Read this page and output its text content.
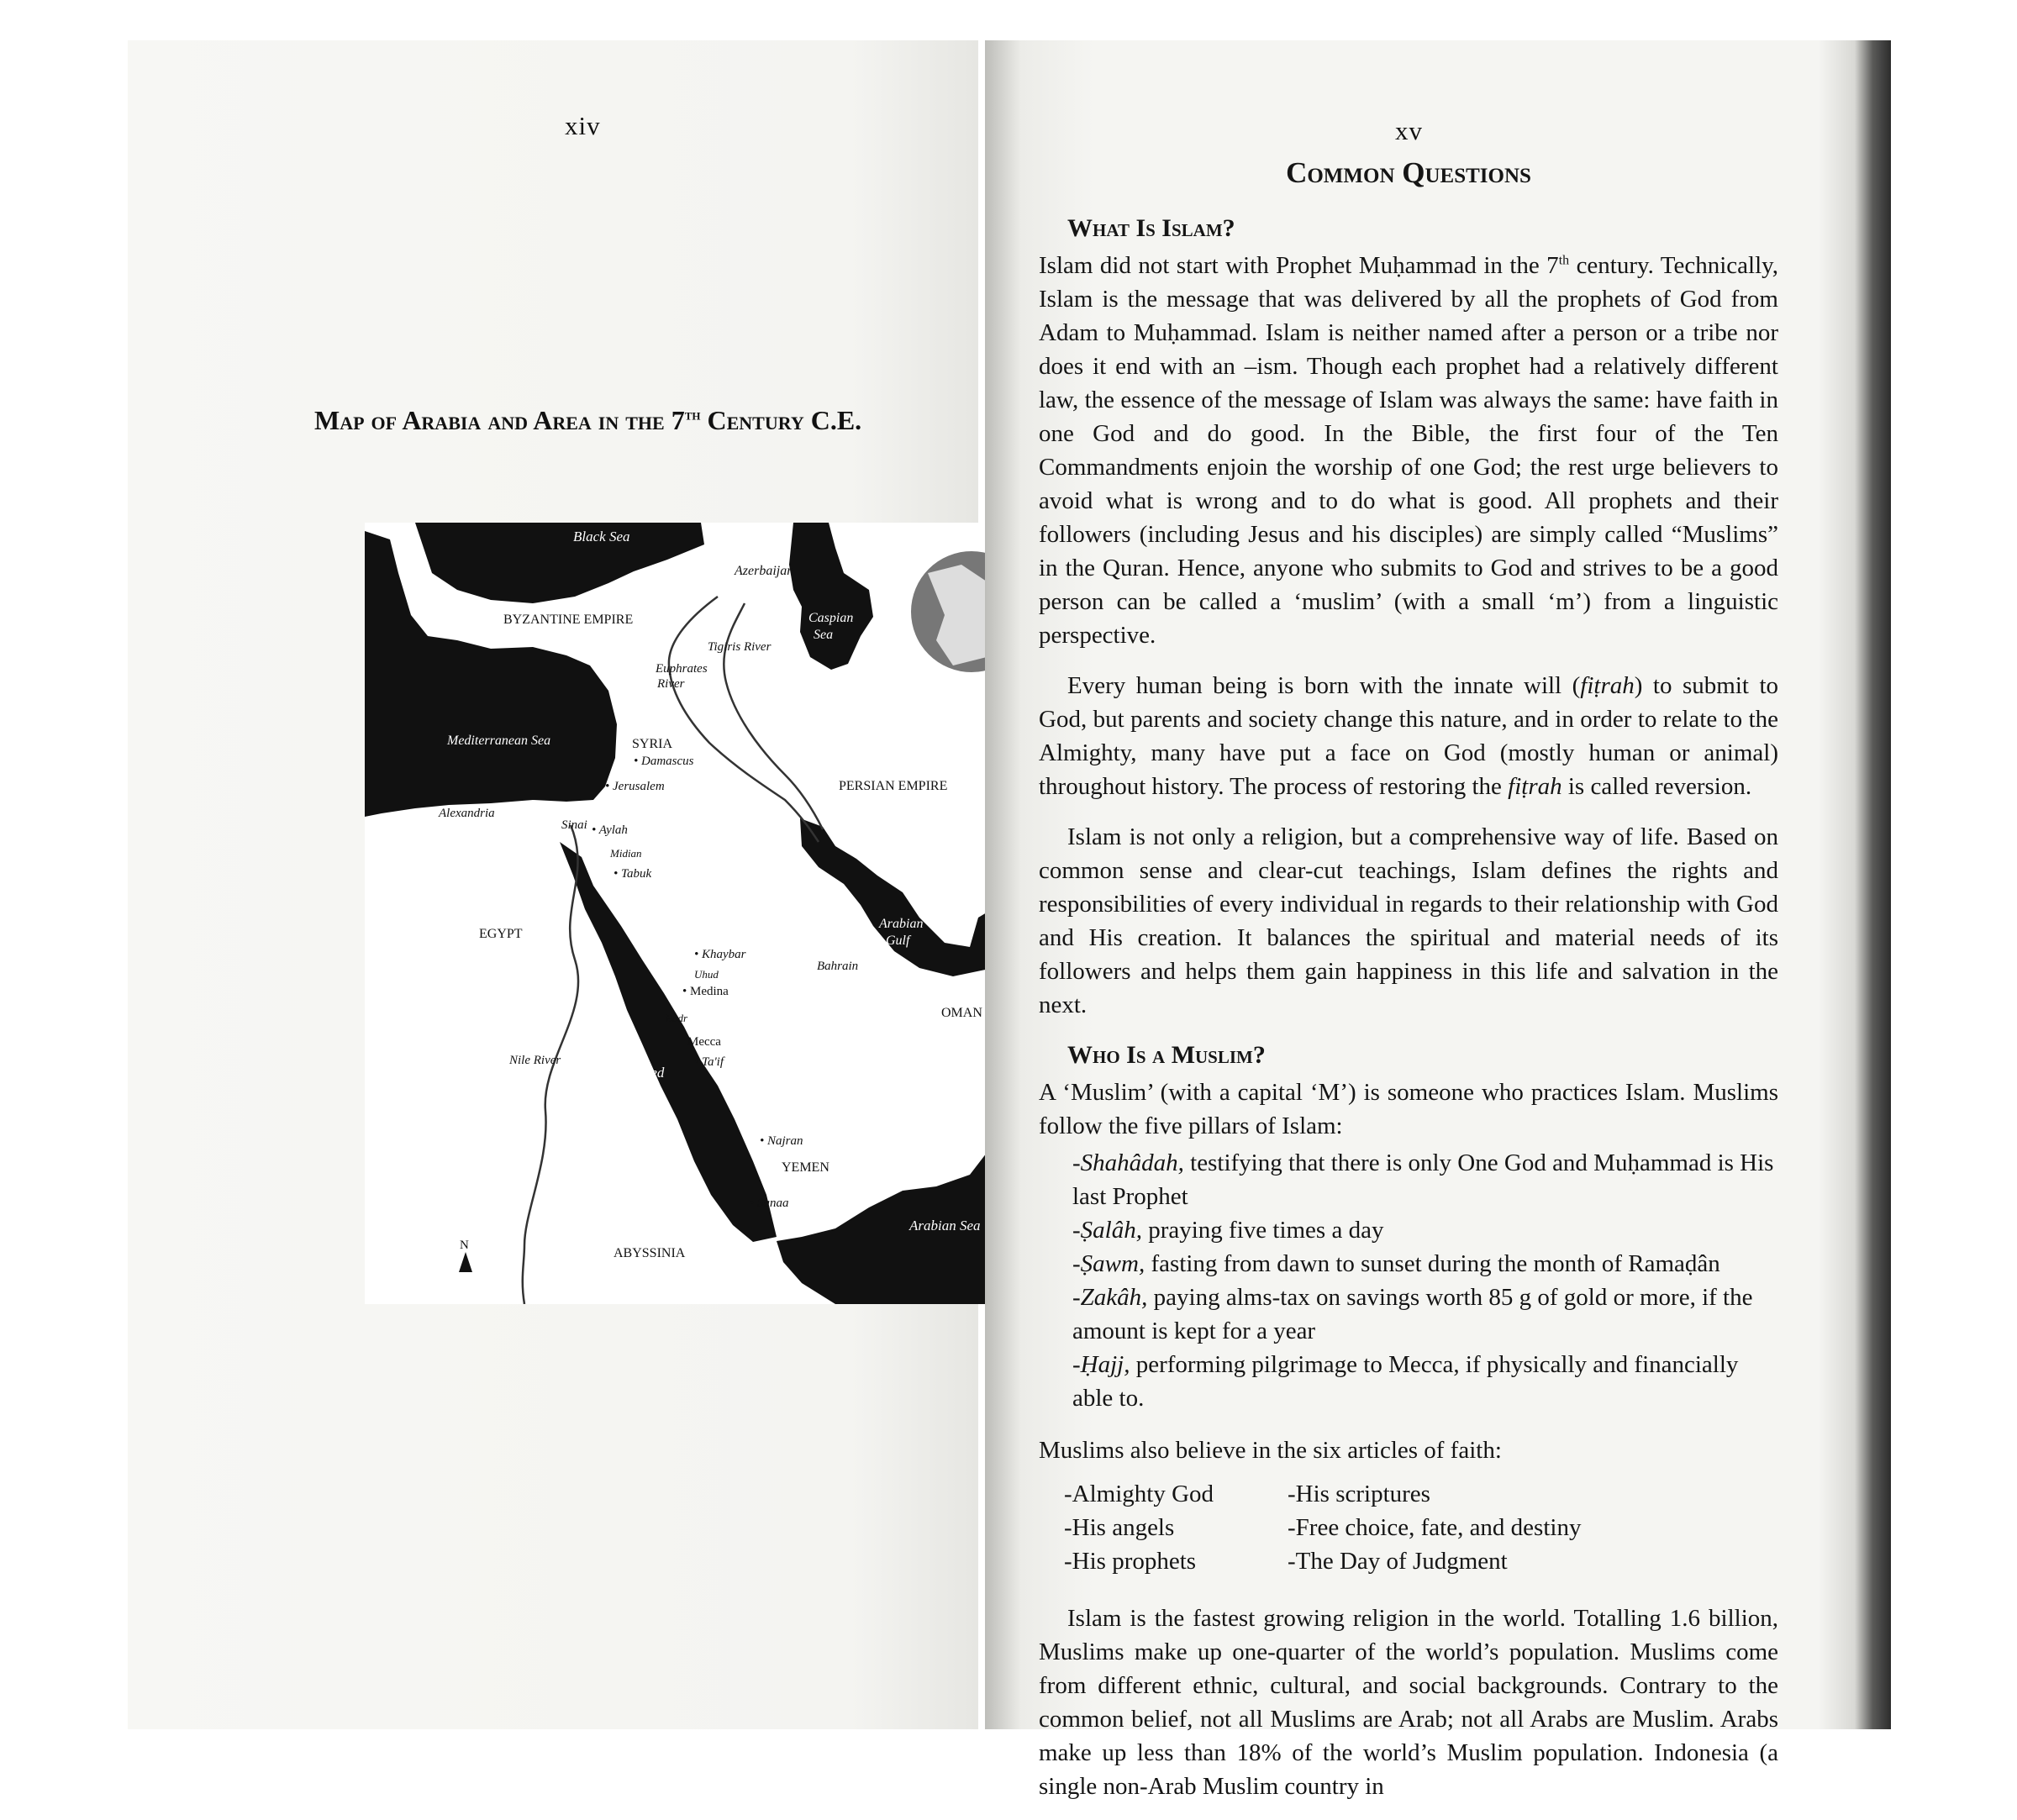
xiv
Map of Arabia and Area in the 7th Century C.E.
Black Sea
Azerbaijan
BYZANTINE EMPIRE	Caspian
Sea
Tigiris River
Euphrates
River
Mediterranean Sea	SYRIA
• Damascus
• Jerusalem	PERSIAN EMPIRE
Alexandria
Sinai • Aylah
Midian
• Tabuk
EGYPT
Arabian
Gulf
• Khaybar
Uhud
Bahrain
• Medina
OMAN
Badr
Mecca
• Ta'if
Nile River
Red
Sea
• Najran
YEMEN
• Sanaa
Arabian Sea
N
ABYSSINIA
xv
Common Questions
What Is Islam?

Islam did not start with Prophet Muḥammad in the 7th century. Technically, Islam is the message that was delivered by all the prophets of God from Adam to Muḥammad. Islam is neither named after a person or a tribe nor does it end with an –ism. Though each prophet had a relatively different law, the essence of the message of Islam was always the same: have faith in one God and do good. In the Bible, the first four of the Ten Commandments enjoin the worship of one God; the rest urge believers to avoid what is wrong and to do what is good. All prophets and their followers (including Jesus and his disciples) are simply called “Muslims” in the Quran. Hence, anyone who submits to God and strives to be a good person can be called a ‘muslim’ (with a small ‘m’) from a linguistic perspective.

Every human being is born with the innate will (fiṭrah) to submit to God, but parents and society change this nature, and in order to relate to the Almighty, many have put a face on God (mostly human or animal) throughout history. The process of restoring the fiṭrah is called reversion.

Islam is not only a religion, but a comprehensive way of life. Based on common sense and clear-cut teachings, Islam defines the rights and responsibilities of every individual in regards to their relationship with God and His creation. It balances the spiritual and material needs of its followers and helps them gain happiness in this life and salvation in the next.

Who Is a Muslim?

A ‘Muslim’ (with a capital ‘M’) is someone who practices Islam. Muslims follow the five pillars of Islam:

-Shahâdah, testifying that there is only One God and Muḥammad is His last Prophet

-Ṣalâh, praying five times a day

-Ṣawm, fasting from dawn to sunset during the month of Ramaḍân

-Zakâh, paying alms-tax on savings worth 85 g of gold or more, if the amount is kept for a year

-Ḥajj, performing pilgrimage to Mecca, if physically and financially able to.

Muslims also believe in the six articles of faith:

-Almighty God	-His scriptures
-His angels	-Free choice, fate, and destiny
-His prophets	-The Day of Judgment

Islam is the fastest growing religion in the world. Totalling 1.6 billion, Muslims make up one-quarter of the world’s population. Muslims come from different ethnic, cultural, and social backgrounds. Contrary to the common belief, not all Muslims are Arab; not all Arabs are Muslim. Arabs make up less than 18% of the world’s Muslim population. Indonesia (a single non-Arab Muslim country in
